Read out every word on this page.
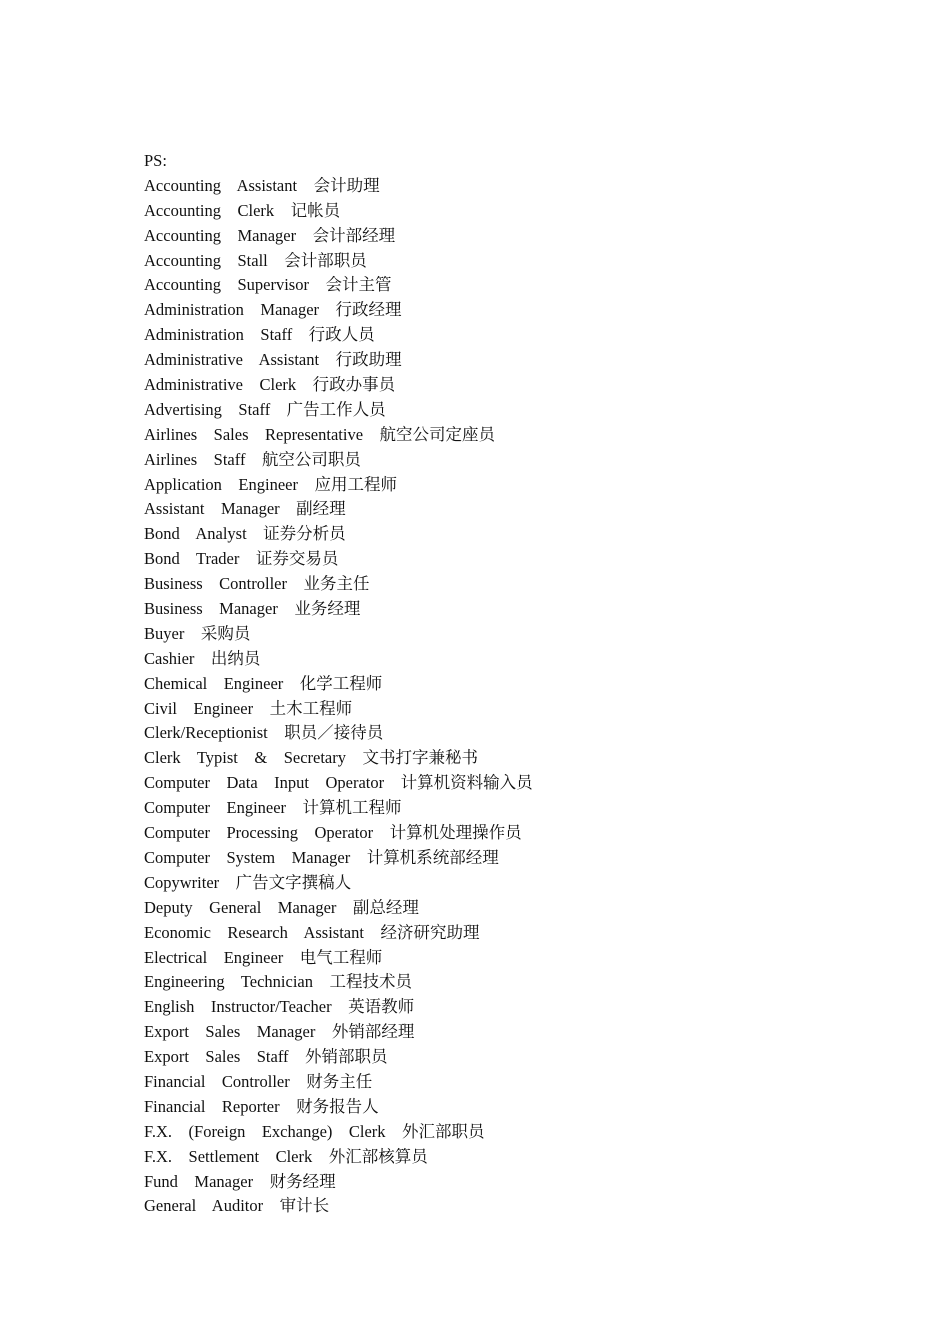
PS:
Accounting    Assistant    会计助理
Accounting    Clerk    记帐员
Accounting    Manager    会计部经理
Accounting    Stall    会计部职员
Accounting    Supervisor    会计主管
Administration    Manager    行政经理
Administration    Staff    行政人员
Administrative    Assistant    行政助理
Administrative    Clerk    行政办事员
Advertising    Staff    广告工作人员
Airlines    Sales    Representative    航空公司定座员
Airlines    Staff    航空公司职员
Application    Engineer    应用工程师
Assistant    Manager    副经理
Bond    Analyst    证券分析员
Bond    Trader    证券交易员
Business    Controller    业务主任
Business    Manager    业务经理
Buyer    采购员
Cashier    出纳员
Chemical    Engineer    化学工程师
Civil    Engineer    土木工程师
Clerk/Receptionist    职员／接待员
Clerk    Typist    &    Secretary    文书打字兼秘书
Computer    Data    Input    Operator    计算机资料输入员
Computer    Engineer    计算机工程师
Computer    Processing    Operator    计算机处理操作员
Computer    System    Manager    计算机系统部经理
Copywriter    广告文字撰稿人
Deputy    General    Manager    副总经理
Economic    Research    Assistant    经济研究助理
Electrical    Engineer    电气工程师
Engineering    Technician    工程技术员
English    Instructor/Teacher    英语教师
Export    Sales    Manager    外销部经理
Export    Sales    Staff    外销部职员
Financial    Controller    财务主任
Financial    Reporter    财务报告人
F.X.    (Foreign    Exchange)    Clerk    外汇部职员
F.X.    Settlement    Clerk    外汇部核算员
Fund    Manager    财务经理
General    Auditor    审计长
